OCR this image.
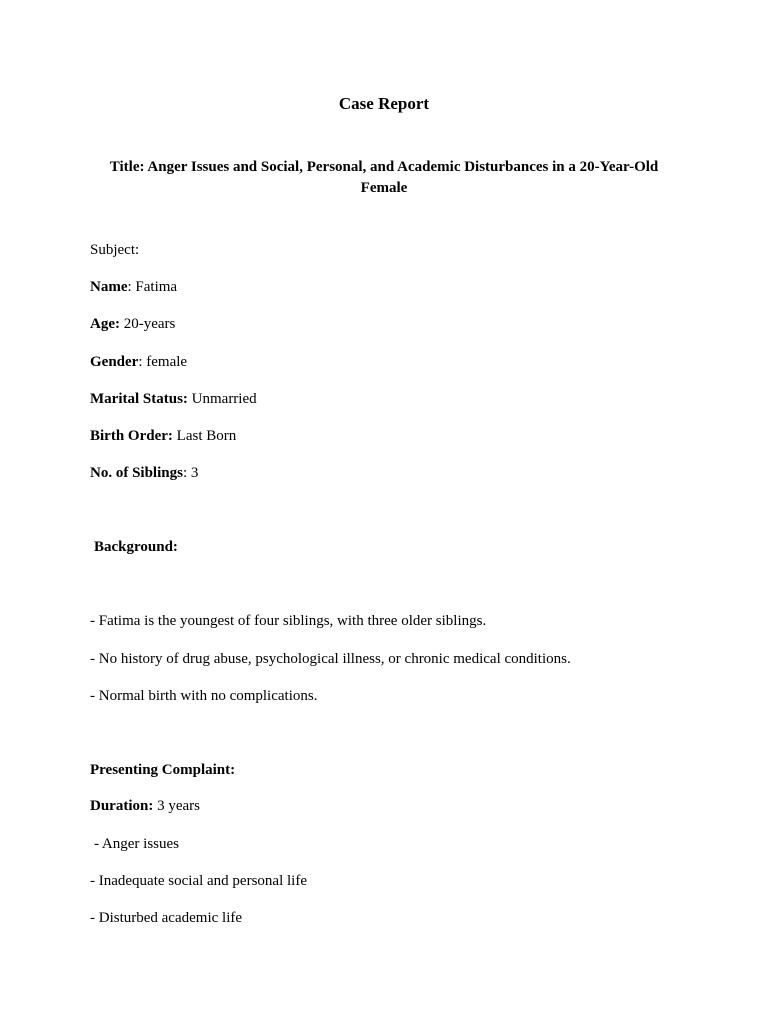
Case Report
Title: Anger Issues and Social, Personal, and Academic Disturbances in a 20-Year-Old Female

Subject:

Name: Fatima

Age: 20-years

Gender: female

Marital Status: Unmarried

Birth Order: Last Born

No. of Siblings: 3

Background:

- Fatima is the youngest of four siblings, with three older siblings.

- No history of drug abuse, psychological illness, or chronic medical conditions.

- Normal birth with no complications.

Presenting Complaint:

Duration: 3 years

- Anger issues

- Inadequate social and personal life

- Disturbed academic life
